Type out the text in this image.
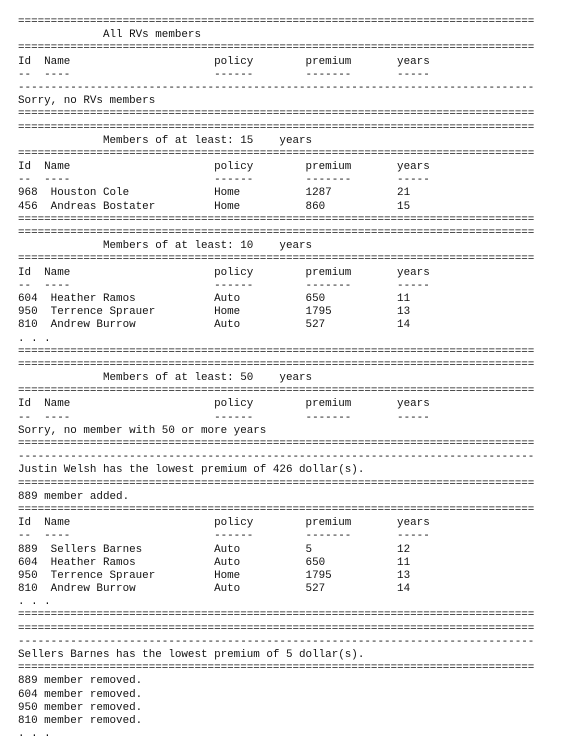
===============================================================================
All RVs members
===============================================================================
Id  Name                      policy        premium       years
--  ----                      ------        -------       -----
-------------------------------------------------------------------------------
Sorry, no RVs members
===============================================================================
===============================================================================
Members of at least: 15    years
===============================================================================
Id  Name                      policy        premium       years
--  ----                      ------        -------       -----
968  Houston Cole             Home          1287          21
456  Andreas Bostater         Home          860           15
===============================================================================
===============================================================================
Members of at least: 10    years
===============================================================================
Id  Name                      policy        premium       years
--  ----                      ------        -------       -----
604  Heather Ramos            Auto          650           11
950  Terrence Sprauer         Home          1795          13
810  Andrew Burrow            Auto          527           14
. . .
===============================================================================
===============================================================================
Members of at least: 50    years
===============================================================================
Id  Name                      policy        premium       years
--  ----                      ------        -------       -----
Sorry, no member with 50 or more years
===============================================================================
-------------------------------------------------------------------------------
Justin Welsh has the lowest premium of 426 dollar(s).
===============================================================================
889 member added.
===============================================================================
Id  Name                      policy        premium       years
--  ----                      ------        -------       -----
889  Sellers Barnes           Auto          5             12
604  Heather Ramos            Auto          650           11
950  Terrence Sprauer         Home          1795          13
810  Andrew Burrow            Auto          527           14
. . .
===============================================================================
===============================================================================
-------------------------------------------------------------------------------
Sellers Barnes has the lowest premium of 5 dollar(s).
===============================================================================
889 member removed.
604 member removed.
950 member removed.
810 member removed.
. . .
